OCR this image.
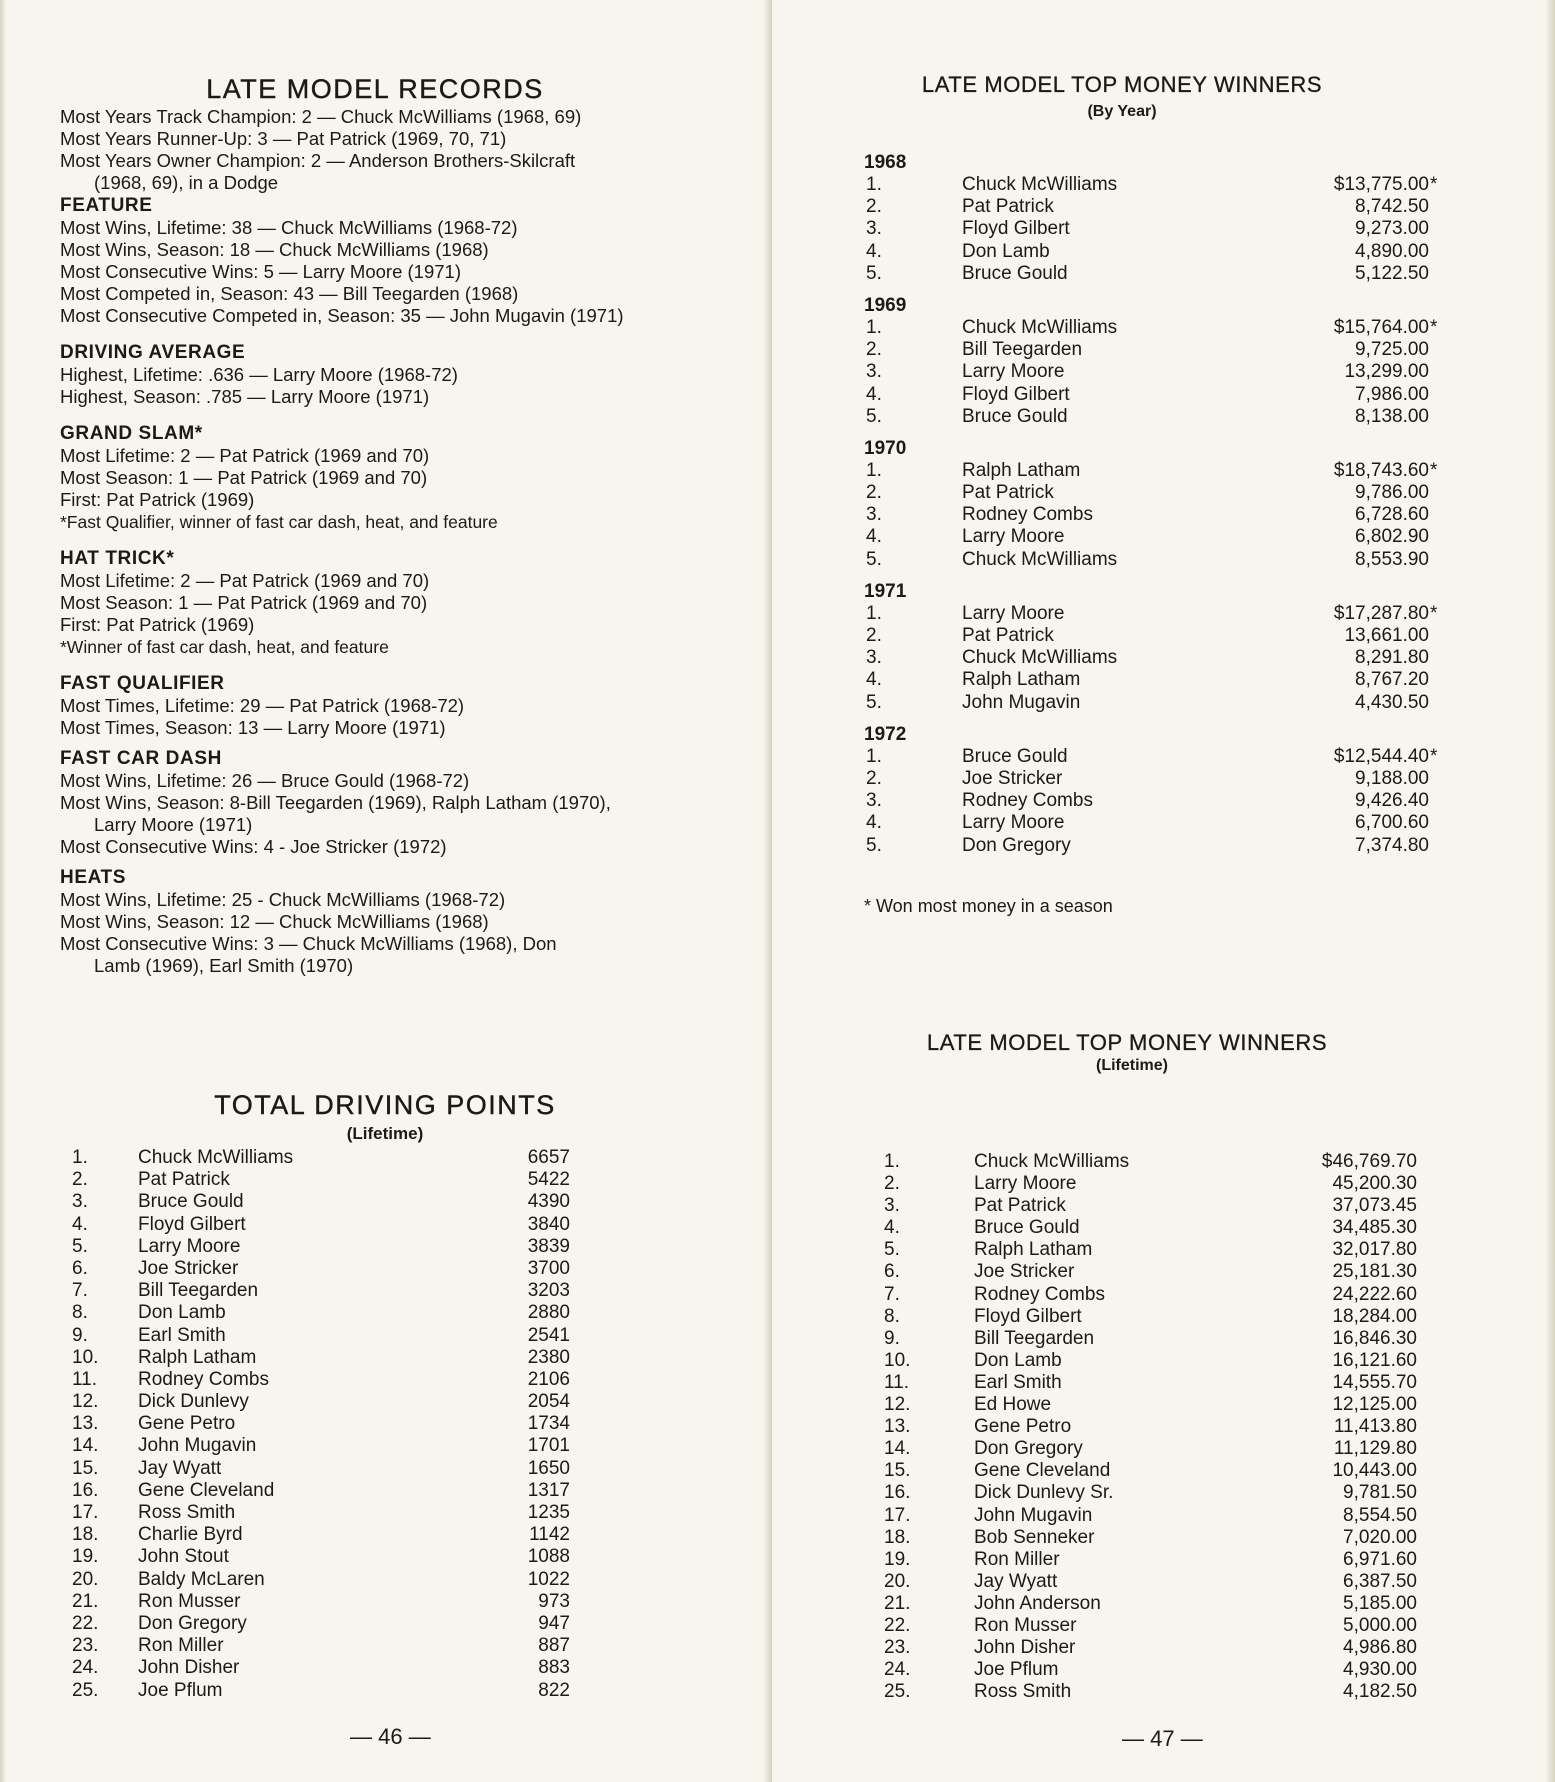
LATE MODEL RECORDS
Most Years Track Champion: 2 — Chuck McWilliams (1968, 69)
Most Years Runner-Up: 3 — Pat Patrick (1969, 70, 71)
Most Years Owner Champion: 2 — Anderson Brothers-Skilcraft
(1968, 69), in a Dodge
FEATURE
Most Wins, Lifetime: 38 — Chuck McWilliams (1968-72)
Most Wins, Season: 18 — Chuck McWilliams (1968)
Most Consecutive Wins: 5 — Larry Moore (1971)
Most Competed in, Season: 43 — Bill Teegarden (1968)
Most Consecutive Competed in, Season: 35 — John Mugavin (1971)
DRIVING AVERAGE
Highest, Lifetime: .636 — Larry Moore (1968-72)
Highest, Season: .785 — Larry Moore (1971)
GRAND SLAM*
Most Lifetime: 2 — Pat Patrick (1969 and 70)
Most Season: 1 — Pat Patrick (1969 and 70)
First: Pat Patrick (1969)
*Fast Qualifier, winner of fast car dash, heat, and feature
HAT TRICK*
Most Lifetime: 2 — Pat Patrick (1969 and 70)
Most Season: 1 — Pat Patrick (1969 and 70)
First: Pat Patrick (1969)
*Winner of fast car dash, heat, and feature
FAST QUALIFIER
Most Times, Lifetime: 29 — Pat Patrick (1968-72)
Most Times, Season: 13 — Larry Moore (1971)
FAST CAR DASH
Most Wins, Lifetime: 26 — Bruce Gould (1968-72)
Most Wins, Season: 8-Bill Teegarden (1969), Ralph Latham (1970),
Larry Moore (1971)
Most Consecutive Wins: 4 - Joe Stricker (1972)
HEATS
Most Wins, Lifetime: 25 - Chuck McWilliams (1968-72)
Most Wins, Season: 12 — Chuck McWilliams (1968)
Most Consecutive Wins: 3 — Chuck McWilliams (1968), Don
Lamb (1969), Earl Smith (1970)
TOTAL DRIVING POINTS
(Lifetime)
1.	Chuck McWilliams	6657
2.	Pat Patrick	5422
3.	Bruce Gould	4390
4.	Floyd Gilbert	3840
5.	Larry Moore	3839
6.	Joe Stricker	3700
7.	Bill Teegarden	3203
8.	Don Lamb	2880
9.	Earl Smith	2541
10. Ralph Latham	2380
11. Rodney Combs	2106
12. Dick Dunlevy	2054
13. Gene Petro	1734
14. John Mugavin	1701
15. Jay Wyatt	1650
16. Gene Cleveland	1317
17. Ross Smith	1235
18. Charlie Byrd	1142
19. John Stout	1088
20. Baldy McLaren	1022
21. Ron Musser	973
22. Don Gregory	947
23. Ron Miller	887
24. John Disher	883
25. Joe Pflum	822
— 46 —
LATE MODEL TOP MONEY WINNERS
(By Year)
1968
1.	Chuck McWilliams	$13,775.00 *
2.	Pat Patrick	8,742.50
3.	Floyd Gilbert	9,273.00
4.	Don Lamb	4,890.00
5.	Bruce Gould	5,122.50
1969
1.	Chuck McWilliams	$15,764.00 *
2.	Bill Teegarden	9,725.00
3.	Larry Moore	13,299.00
4.	Floyd Gilbert	7,986.00
5.	Bruce Gould	8,138.00
1970
1.	Ralph Latham	$18,743.60 *
2.	Pat Patrick	9,786.00
3.	Rodney Combs	6,728.60
4.	Larry Moore	6,802.90
5.	Chuck McWilliams	8,553.90
1971
1.	Larry Moore	$17,287.80 *
2.	Pat Patrick	13,661.00
3.	Chuck McWilliams	8,291.80
4.	Ralph Latham	8,767.20
5.	John Mugavin	4,430.50
1972
1.	Bruce Gould	$12,544.40 *
2.	Joe Stricker	9,188.00
3.	Rodney Combs	9,426.40
4.	Larry Moore	6,700.60
5.	Don Gregory	7,374.80
* Won most money in a season
LATE MODEL TOP MONEY WINNERS
(Lifetime)
1.	Chuck McWilliams	$46,769.70
2.	Larry Moore	45,200.30
3.	Pat Patrick	37,073.45
4.	Bruce Gould	34,485.30
5.	Ralph Latham	32,017.80
6.	Joe Stricker	25,181.30
7.	Rodney Combs	24,222.60
8.	Floyd Gilbert	18,284.00
9.	Bill Teegarden	16,846.30
10.	Don Lamb	16,121.60
11.	Earl Smith	14,555.70
12.	Ed Howe	12,125.00
13.	Gene Petro	11,413.80
14.	Don Gregory	11,129.80
15.	Gene Cleveland	10,443.00
16.	Dick Dunlevy Sr.	9,781.50
17.	John Mugavin	8,554.50
18.	Bob Senneker	7,020.00
19.	Ron Miller	6,971.60
20.	Jay Wyatt	6,387.50
21.	John Anderson	5,185.00
22.	Ron Musser	5,000.00
23.	John Disher	4,986.80
24.	Joe Pflum	4,930.00
25.	Ross Smith	4,182.50
— 47 —
